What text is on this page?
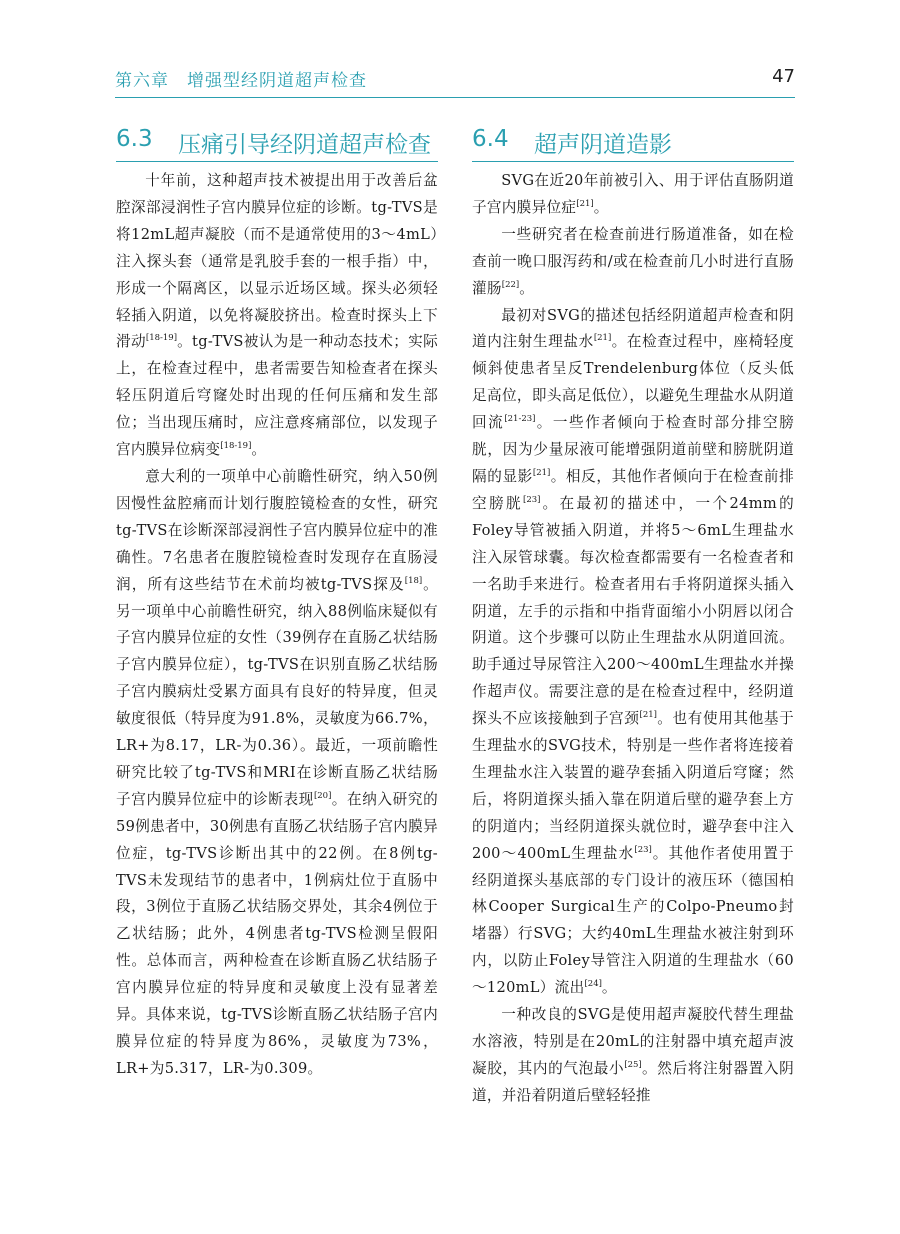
第六章　增强型经阴道超声检查	47
6.3 压痛引导经阴道超声检查

十年前，这种超声技术被提出用于改善后盆腔深部浸润性子宫内膜异位症的诊断。tg-TVS是将12mL超声凝胶（而不是通常使用的3～4mL）注入探头套（通常是乳胶手套的一根手指）中，形成一个隔离区，以显示近场区域。探头必须轻轻插入阴道，以免将凝胶挤出。检查时探头上下滑动[18-19]。tg-TVS被认为是一种动态技术；实际上，在检查过程中，患者需要告知检查者在探头轻压阴道后穹窿处时出现的任何压痛和发生部位；当出现压痛时，应注意疼痛部位，以发现子宫内膜异位病变[18-19]。

意大利的一项单中心前瞻性研究，纳入50例因慢性盆腔痛而计划行腹腔镜检查的女性，研究tg-TVS在诊断深部浸润性子宫内膜异位症中的准确性。7名患者在腹腔镜检查时发现存在直肠浸润，所有这些结节在术前均被tg-TVS探及[18]。另一项单中心前瞻性研究，纳入88例临床疑似有子宫内膜异位症的女性（39例存在直肠乙状结肠子宫内膜异位症），tg-TVS在识别直肠乙状结肠子宫内膜病灶受累方面具有良好的特异度，但灵敏度很低（特异度为91.8%，灵敏度为66.7%，LR+为8.17，LR-为0.36）。最近，一项前瞻性研究比较了tg-TVS和MRI在诊断直肠乙状结肠子宫内膜异位症中的诊断表现[20]。在纳入研究的59例患者中，30例患有直肠乙状结肠子宫内膜异位症，tg-TVS诊断出其中的22例。在8例tg-TVS未发现结节的患者中，1例病灶位于直肠中段，3例位于直肠乙状结肠交界处，其余4例位于乙状结肠；此外，4例患者tg-TVS检测呈假阳性。总体而言，两种检查在诊断直肠乙状结肠子宫内膜异位症的特异度和灵敏度上没有显著差异。具体来说，tg-TVS诊断直肠乙状结肠子宫内膜异位症的特异度为86%，灵敏度为73%，LR+为5.317，LR-为0.309。

6.4 超声阴道造影

SVG在近20年前被引入、用于评估直肠阴道子宫内膜异位症[21]。

一些研究者在检查前进行肠道准备，如在检查前一晚口服泻药和/或在检查前几小时进行直肠灌肠[22]。

最初对SVG的描述包括经阴道超声检查和阴道内注射生理盐水[21]。在检查过程中，座椅轻度倾斜使患者呈反Trendelenburg体位（反头低足高位，即头高足低位），以避免生理盐水从阴道回流[21-23]。一些作者倾向于检查时部分排空膀胱，因为少量尿液可能增强阴道前壁和膀胱阴道隔的显影[21]。相反，其他作者倾向于在检查前排空膀胱[23]。在最初的描述中，一个24mm的Foley导管被插入阴道，并将5～6mL生理盐水注入尿管球囊。每次检查都需要有一名检查者和一名助手来进行。检查者用右手将阴道探头插入阴道，左手的示指和中指背面缩小小阴唇以闭合阴道。这个步骤可以防止生理盐水从阴道回流。助手通过导尿管注入200～400mL生理盐水并操作超声仪。需要注意的是在检查过程中，经阴道探头不应该接触到子宫颈[21]。也有使用其他基于生理盐水的SVG技术，特别是一些作者将连接着生理盐水注入装置的避孕套插入阴道后穹窿；然后，将阴道探头插入靠在阴道后壁的避孕套上方的阴道内；当经阴道探头就位时，避孕套中注入200～400mL生理盐水[23]。其他作者使用置于经阴道探头基底部的专门设计的液压环（德国柏林Cooper Surgical生产的Colpo-Pneumo封堵器）行SVG；大约40mL生理盐水被注射到环内，以防止Foley导管注入阴道的生理盐水（60～120mL）流出[24]。

一种改良的SVG是使用超声凝胶代替生理盐水溶液，特别是在20mL的注射器中填充超声波凝胶，其内的气泡最小[25]。然后将注射器置入阴道，并沿着阴道后壁轻轻推
